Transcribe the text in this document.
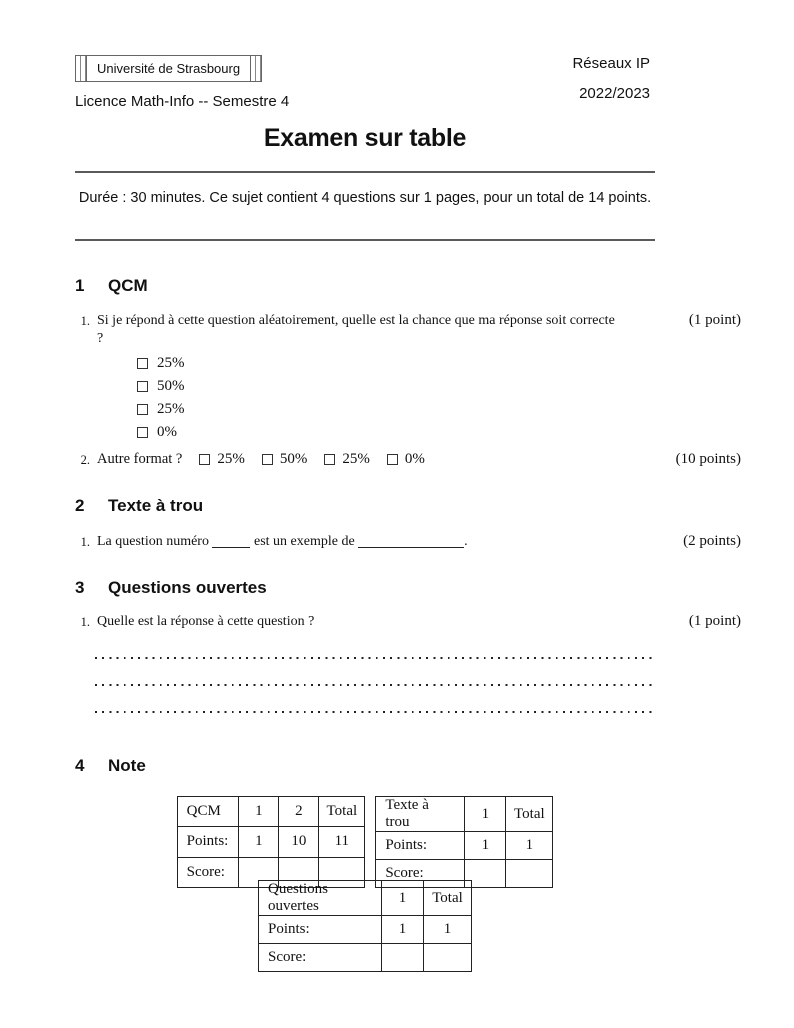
Université de Strasbourg
Licence Math-Info -- Semestre 4
Réseaux IP
2022/2023
Examen sur table
Durée : 30 minutes. Ce sujet contient 4 questions sur 1 pages, pour un total de 14 points.
1	QCM
1. Si je répond à cette question aléatoirement, quelle est la chance que ma réponse soit correcte
?
(1 point)
25%
50%
25%
0%
2. Autre format ? 25% 50% 25% 0%	(10 points)
2	Texte à trou
1. La question numéro	est un exemple de	.	(2 points)
3	Questions ouvertes
1. Quelle est la réponse à cette question ?	(1 point)
4	Note
QCM	1	2	Total
Points:	1	10	11
Score:			
Texte à trou	1	Total
Points:	1	1
Score:		
Questions ouvertes	1	Total
Points:	1	1
Score:		
